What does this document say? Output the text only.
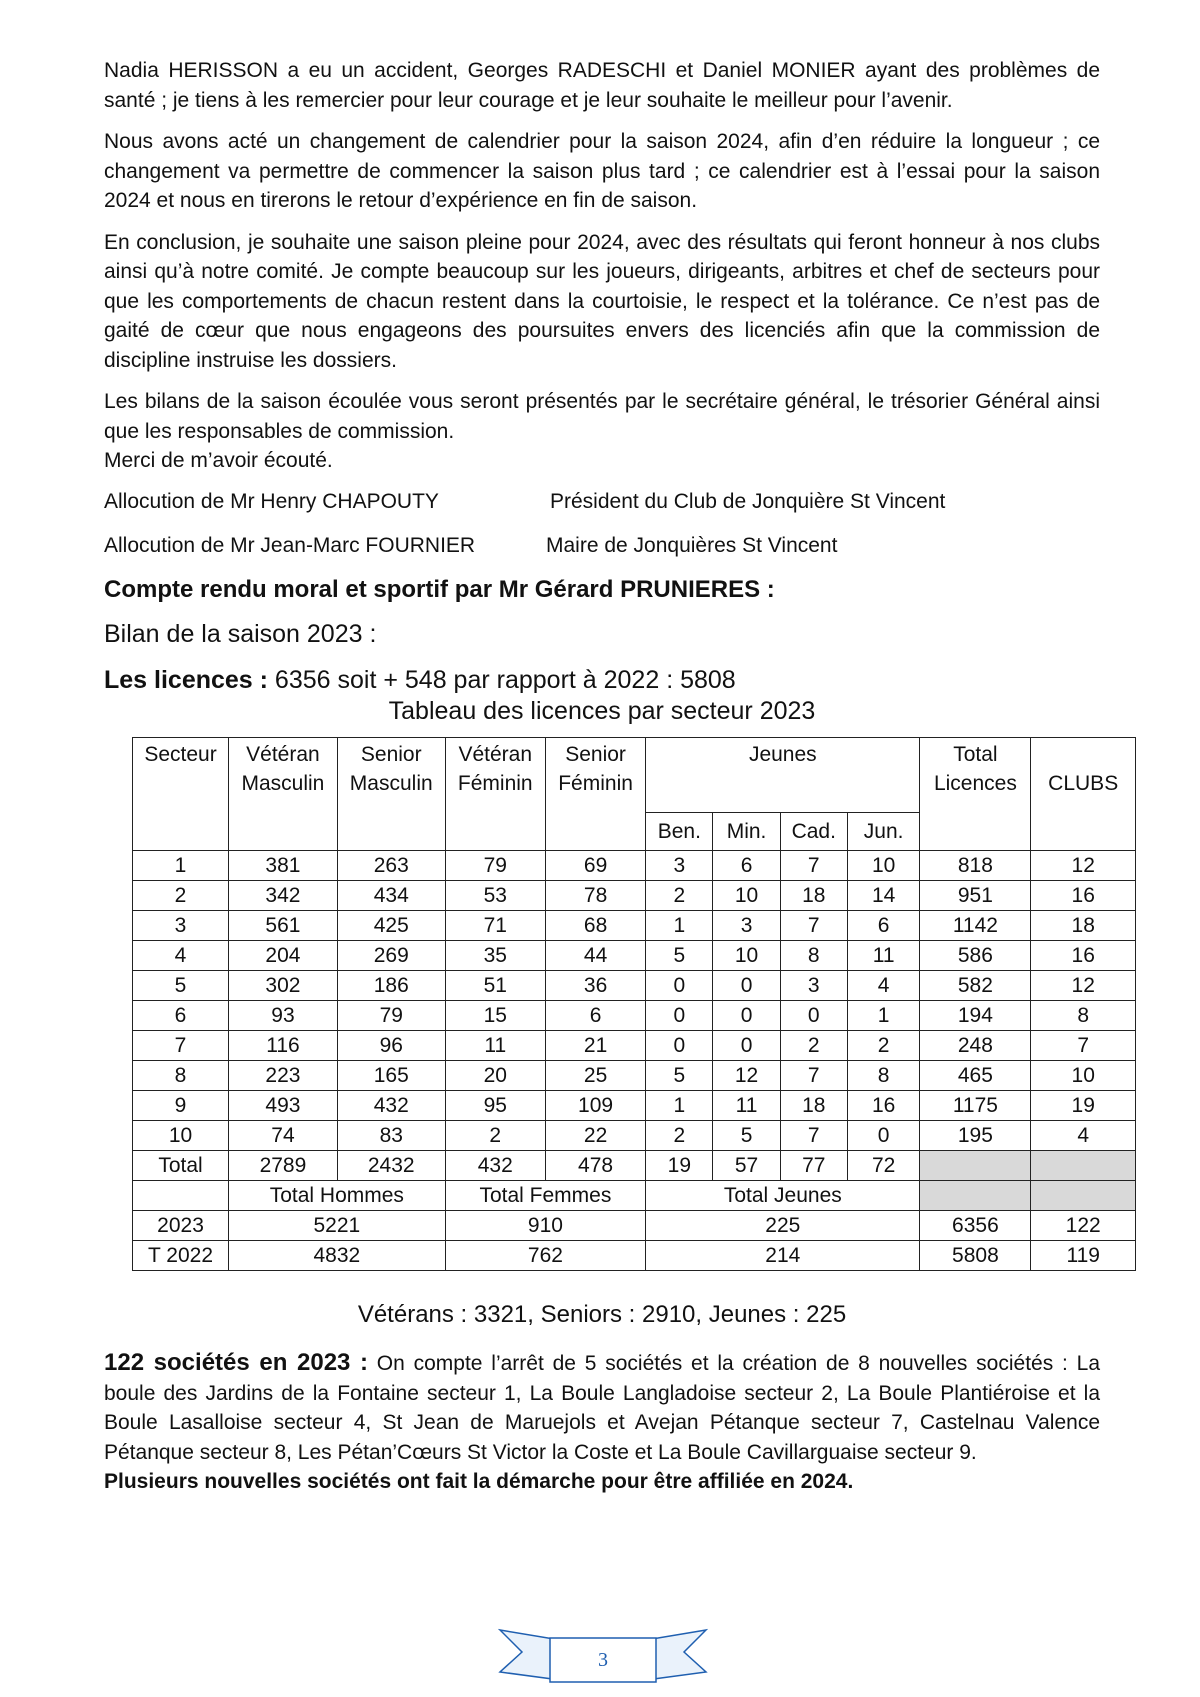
Nadia HERISSON a eu un accident, Georges RADESCHI et Daniel MONIER ayant des problèmes de santé ; je tiens à les remercier pour leur courage et je leur souhaite le meilleur pour l’avenir.

Nous avons acté un changement de calendrier pour la saison 2024, afin d’en réduire la longueur ; ce changement va permettre de commencer la saison plus tard ; ce calendrier est à l’essai pour la saison 2024 et nous en tirerons le retour d’expérience en fin de saison.

En conclusion, je souhaite une saison pleine pour 2024, avec des résultats qui feront honneur à nos clubs ainsi qu’à notre comité. Je compte beaucoup sur les joueurs, dirigeants, arbitres et chef de secteurs pour que les comportements de chacun restent dans la courtoisie, le respect et la tolérance. Ce n’est pas de gaité de cœur que nous engageons des poursuites envers des licenciés afin que la commission de discipline instruise les dossiers.

Les bilans de la saison écoulée vous seront présentés par le secrétaire général, le trésorier Général ainsi que les responsables de commission.

Merci de m’avoir écouté.

Allocution de Mr Henry CHAPOUTY	Président du Club de Jonquière St Vincent
Allocution de Mr Jean-Marc FOURNIER	Maire de Jonquières St Vincent
Compte rendu moral et sportif par Mr Gérard PRUNIERES :
Bilan de la saison 2023 :
Les licences : 6356 soit + 548 par rapport à 2022 : 5808
Tableau des licences par secteur 2023
Secteur	Vétéran Masculin	Senior Masculin	Vétéran Féminin	Senior Féminin	Jeunes				Total Licences	CLUBS
					Ben.	Min.	Cad.	Jun.		
1	381	263	79	69	3	6	7	10	818	12
2	342	434	53	78	2	10	18	14	951	16
3	561	425	71	68	1	3	7	6	1142	18
4	204	269	35	44	5	10	8	11	586	16
5	302	186	51	36	0	0	3	4	582	12
6	93	79	15	6	0	0	0	1	194	8
7	116	96	11	21	0	0	2	2	248	7
8	223	165	20	25	5	12	7	8	465	10
9	493	432	95	109	1	11	18	16	1175	19
10	74	83	2	22	2	5	7	0	195	4
Total	2789	2432	432	478	19	57	77	72		
	Total Hommes		Total Femmes		Total Jeunes					
2023	5221		910		225				6356	122
T 2022	4832		762		214				5808	119
Vétérans : 3321, Seniors : 2910, Jeunes : 225
122 sociétés en 2023 : On compte l’arrêt de 5 sociétés et la création de 8 nouvelles sociétés : La boule des Jardins de la Fontaine secteur 1, La Boule Langladoise secteur 2, La Boule Plantiéroise et la Boule Lasalloise secteur 4, St Jean de Maruejols et Avejan Pétanque secteur 7, Castelnau Valence Pétanque secteur 8, Les Pétan’Cœurs St Victor la Coste et La Boule Cavillarguaise secteur 9.
Plusieurs nouvelles sociétés ont fait la démarche pour être affiliée en 2024.
3
